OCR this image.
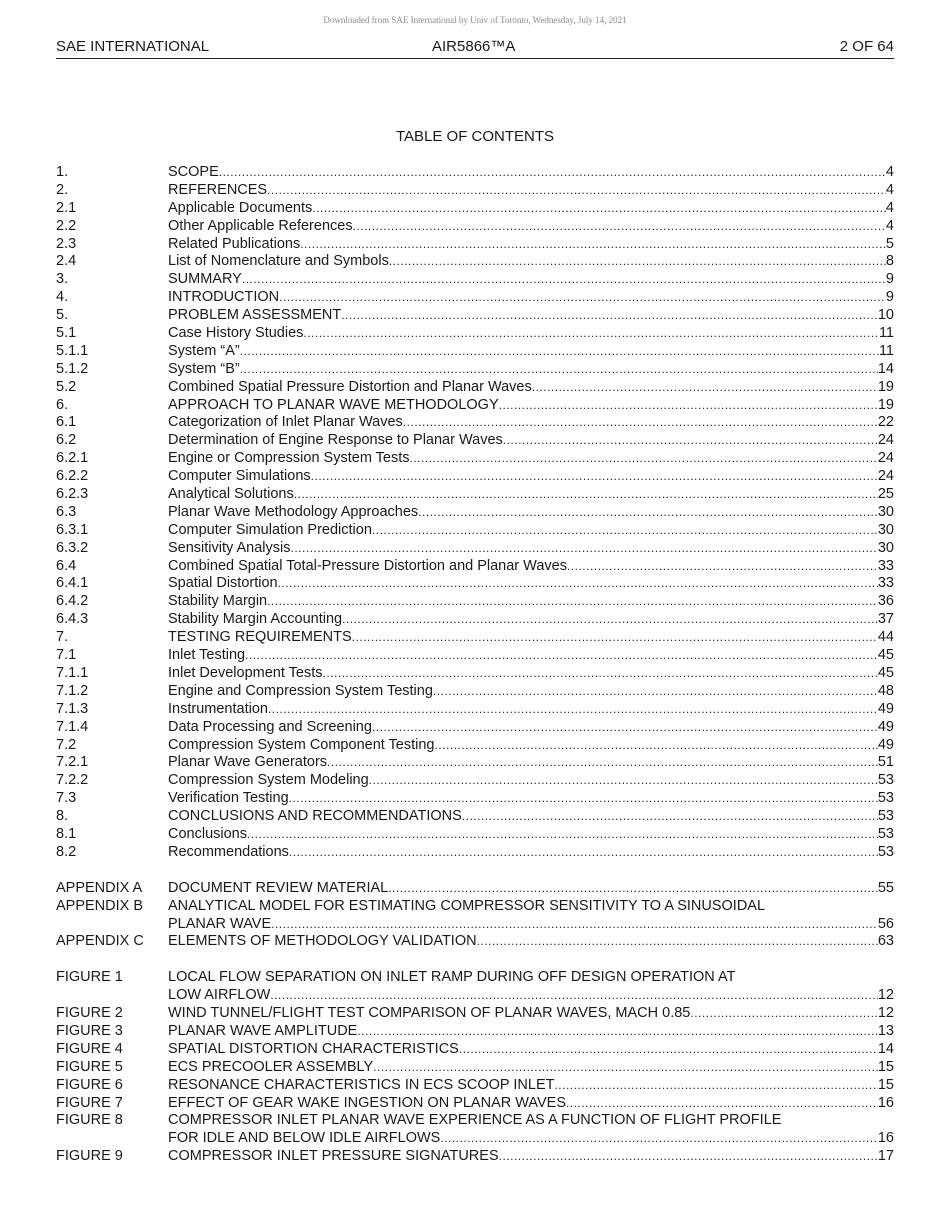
Downloaded from SAE International by Univ of Toronto, Wednesday, July 14, 2021
SAE INTERNATIONAL	AIR5866™A	2 OF 64
TABLE OF CONTENTS
1.	SCOPE .....	4
2.	REFERENCES .....	4
2.1	Applicable Documents .....	4
2.2	Other Applicable References .....	4
2.3	Related Publications .....	5
2.4	List of Nomenclature and Symbols .....	8
3.	SUMMARY .....	9
4.	INTRODUCTION .....	9
5.	PROBLEM ASSESSMENT .....	10
5.1	Case History Studies .....	11
5.1.1	System “A” .....	11
5.1.2	System “B” .....	14
5.2	Combined Spatial Pressure Distortion and Planar Waves .....	19
6.	APPROACH TO PLANAR WAVE METHODOLOGY .....	19
6.1	Categorization of Inlet Planar Waves .....	22
6.2	Determination of Engine Response to Planar Waves .....	24
6.2.1	Engine or Compression System Tests .....	24
6.2.2	Computer Simulations .....	24
6.2.3	Analytical Solutions .....	25
6.3	Planar Wave Methodology Approaches .....	30
6.3.1	Computer Simulation Prediction .....	30
6.3.2	Sensitivity Analysis .....	30
6.4	Combined Spatial Total-Pressure Distortion and Planar Waves .....	33
6.4.1	Spatial Distortion .....	33
6.4.2	Stability Margin .....	36
6.4.3	Stability Margin Accounting .....	37
7.	TESTING REQUIREMENTS .....	44
7.1	Inlet Testing .....	45
7.1.1	Inlet Development Tests .....	45
7.1.2	Engine and Compression System Testing .....	48
7.1.3	Instrumentation .....	49
7.1.4	Data Processing and Screening .....	49
7.2	Compression System Component Testing .....	49
7.2.1	Planar Wave Generators .....	51
7.2.2	Compression System Modeling .....	53
7.3	Verification Testing .....	53
8.	CONCLUSIONS AND RECOMMENDATIONS .....	53
8.1	Conclusions .....	53
8.2	Recommendations .....	53
APPENDIX A DOCUMENT REVIEW MATERIAL .....	55
APPENDIX B ANALYTICAL MODEL FOR ESTIMATING COMPRESSOR SENSITIVITY TO A SINUSOIDAL
PLANAR WAVE .....	56
APPENDIX C ELEMENTS OF METHODOLOGY VALIDATION .....	63
FIGURE 1	LOCAL FLOW SEPARATION ON INLET RAMP DURING OFF DESIGN OPERATION AT
LOW AIRFLOW .....	12
FIGURE 2	WIND TUNNEL/FLIGHT TEST COMPARISON OF PLANAR WAVES, MACH 0.85 .....	12
FIGURE 3	PLANAR WAVE AMPLITUDE .....	13
FIGURE 4	SPATIAL DISTORTION CHARACTERISTICS .....	14
FIGURE 5	ECS PRECOOLER ASSEMBLY .....	15
FIGURE 6	RESONANCE CHARACTERISTICS IN ECS SCOOP INLET .....	15
FIGURE 7	EFFECT OF GEAR WAKE INGESTION ON PLANAR WAVES .....	16
FIGURE 8	COMPRESSOR INLET PLANAR WAVE EXPERIENCE AS A FUNCTION OF FLIGHT PROFILE
FOR IDLE AND BELOW IDLE AIRFLOWS .....	16
FIGURE 9	COMPRESSOR INLET PRESSURE SIGNATURES .....	17
